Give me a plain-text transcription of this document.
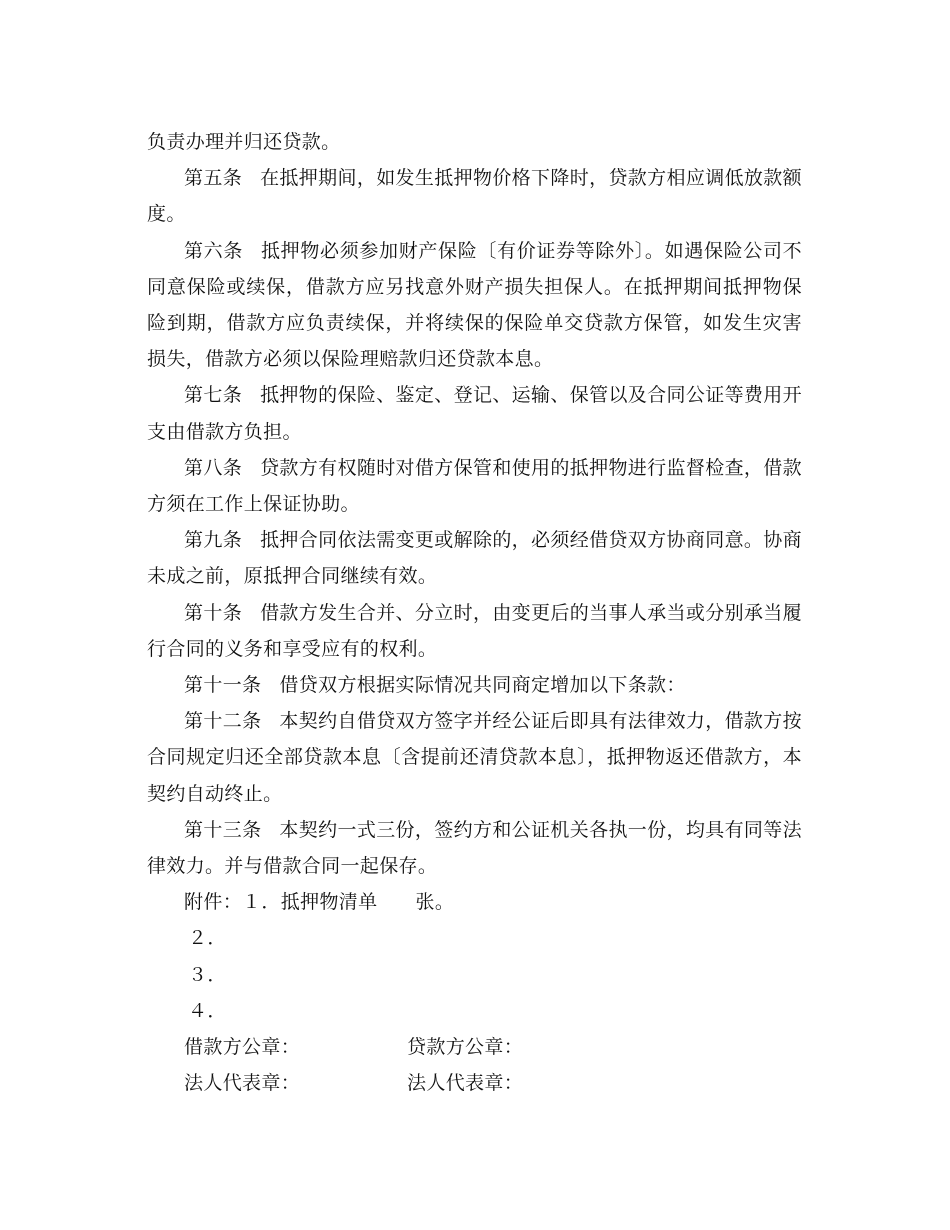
负责办理并归还贷款。

第五条 在抵押期间，如发生抵押物价格下降时，贷款方相应调低放款额度。

第六条 抵押物必须参加财产保险〔有价证券等除外〕。如遇保险公司不同意保险或续保，借款方应另找意外财产损失担保人。在抵押期间抵押物保险到期，借款方应负责续保，并将续保的保险单交贷款方保管，如发生灾害损失，借款方必须以保险理赔款归还贷款本息。

第七条 抵押物的保险、鉴定、登记、运输、保管以及合同公证等费用开支由借款方负担。

第八条 贷款方有权随时对借方保管和使用的抵押物进行监督检查，借款方须在工作上保证协助。

第九条 抵押合同依法需变更或解除的，必须经借贷双方协商同意。协商未成之前，原抵押合同继续有效。

第十条 借款方发生合并、分立时，由变更后的当事人承当或分别承当履行合同的义务和享受应有的权利。

第十一条 借贷双方根据实际情况共同商定增加以下条款：

第十二条 本契约自借贷双方签字并经公证后即具有法律效力，借款方按合同规定归还全部贷款本息〔含提前还清贷款本息〕，抵押物返还借款方，本契约自动终止。

第十三条 本契约一式三份，签约方和公证机关各执一份，均具有同等法律效力。并与借款合同一起保存。

附件：１．抵押物清单 张。

２．

３．

４．

借款方公章：	贷款方公章：
法人代表章：	法人代表章：
